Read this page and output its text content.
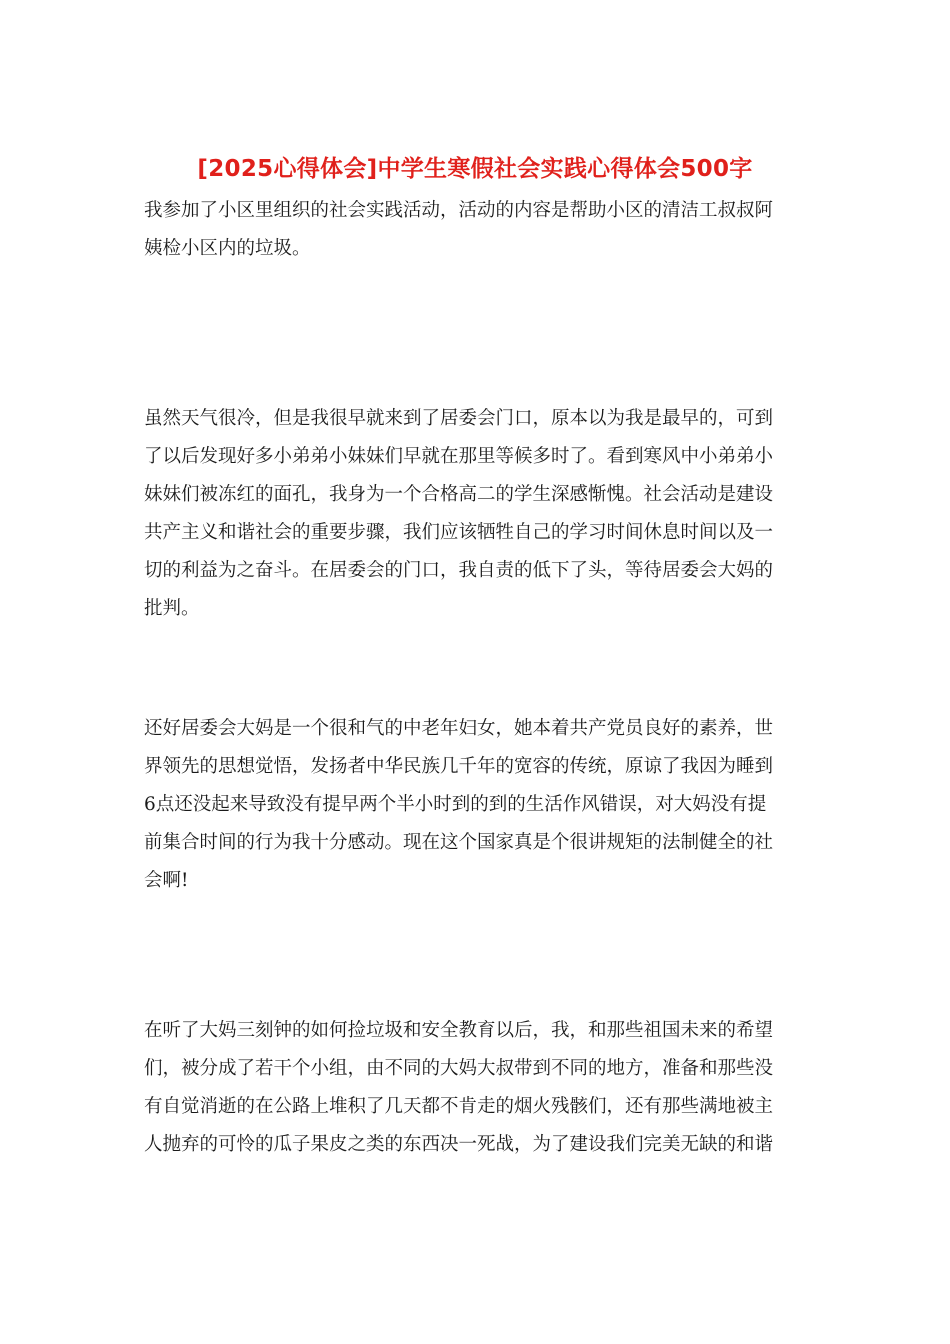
[2025心得体会]中学生寒假社会实践心得体会500字
我参加了小区里组织的社会实践活动，活动的内容是帮助小区的清洁工叔叔阿
姨检小区内的垃圾。
虽然天气很冷，但是我很早就来到了居委会门口，原本以为我是最早的，可到
了以后发现好多小弟弟小妹妹们早就在那里等候多时了。看到寒风中小弟弟小
妹妹们被冻红的面孔，我身为一个合格高二的学生深感惭愧。社会活动是建设
共产主义和谐社会的重要步骤，我们应该牺牲自己的学习时间休息时间以及一
切的利益为之奋斗。在居委会的门口，我自责的低下了头，等待居委会大妈的
批判。
还好居委会大妈是一个很和气的中老年妇女，她本着共产党员良好的素养，世
界领先的思想觉悟，发扬者中华民族几千年的宽容的传统，原谅了我因为睡到
6点还没起来导致没有提早两个半小时到的到的生活作风错误，对大妈没有提
前集合时间的行为我十分感动。现在这个国家真是个很讲规矩的法制健全的社
会啊!
在听了大妈三刻钟的如何捡垃圾和安全教育以后，我，和那些祖国未来的希望
们，被分成了若干个小组，由不同的大妈大叔带到不同的地方，准备和那些没
有自觉消逝的在公路上堆积了几天都不肯走的烟火残骸们，还有那些满地被主
人抛弃的可怜的瓜子果皮之类的东西决一死战，为了建设我们完美无缺的和谐
